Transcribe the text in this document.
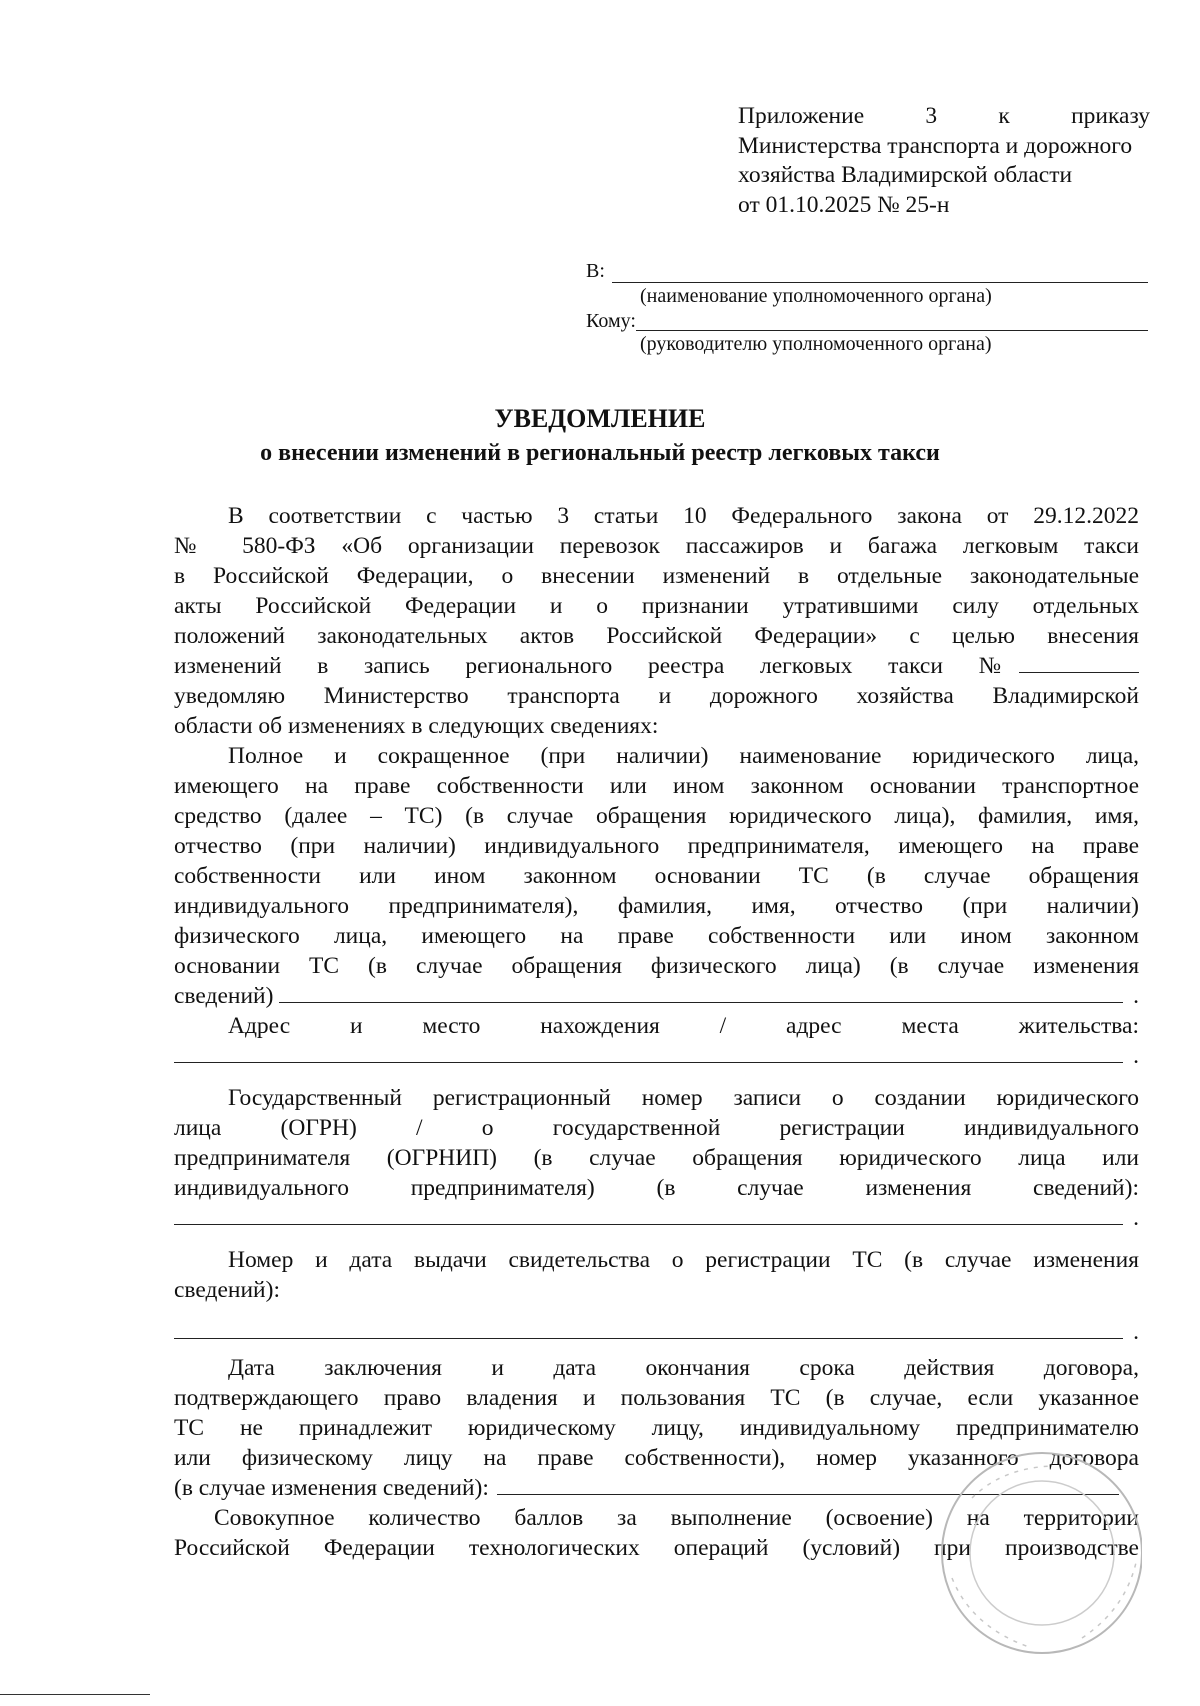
Приложение	3	к	приказу
Министерства транспорта и дорожного
хозяйства Владимирской области
от 01.10.2025 № 25-н
В:
(наименование уполномоченного органа)
Кому:
(руководителю уполномоченного органа)
УВЕДОМЛЕНИЕ
о внесении изменений в региональный реестр легковых такси
В соответствии с частью 3 статьи 10 Федерального закона от 29.12.2022
№ 580-ФЗ «Об организации перевозок пассажиров и багажа легковым такси
в Российской Федерации, о внесении изменений в отдельные законодательные
акты Российской Федерации и о признании утратившими силу отдельных
положений законодательных актов Российской Федерации» с целью внесения
изменений в запись регионального реестра легковых такси №
уведомляю Министерство транспорта и дорожного хозяйства Владимирской
области об изменениях в следующих сведениях:
Полное и сокращенное (при наличии) наименование юридического лица,
имеющего на праве собственности или ином законном основании транспортное
средство (далее – ТС) (в случае обращения юридического лица), фамилия, имя,
отчество (при наличии) индивидуального предпринимателя, имеющего на праве
собственности или ином законном основании ТС (в случае обращения
индивидуального предпринимателя), фамилия, имя, отчество (при наличии)
физического лица, имеющего на праве собственности или ином законном
основании ТС (в случае обращения физического лица) (в случае изменения
сведений)	.
Адрес и место нахождения / адрес места жительства:
.
Государственный регистрационный номер записи о создании юридического
лица (ОГРН) / о государственной регистрации индивидуального
предпринимателя (ОГРНИП) (в случае обращения юридического лица или
индивидуального предпринимателя) (в случае изменения сведений):
.
Номер и дата выдачи свидетельства о регистрации ТС (в случае изменения
сведений):
.
Дата заключения и дата окончания срока действия договора,
подтверждающего право владения и пользования ТС (в случае, если указанное
ТС не принадлежит юридическому лицу, индивидуальному предпринимателю
или физическому лицу на праве собственности), номер указанного договора
(в случае изменения сведений):
Совокупное количество баллов за выполнение (освоение) на территории
Российской Федерации технологических операций (условий) при производстве
